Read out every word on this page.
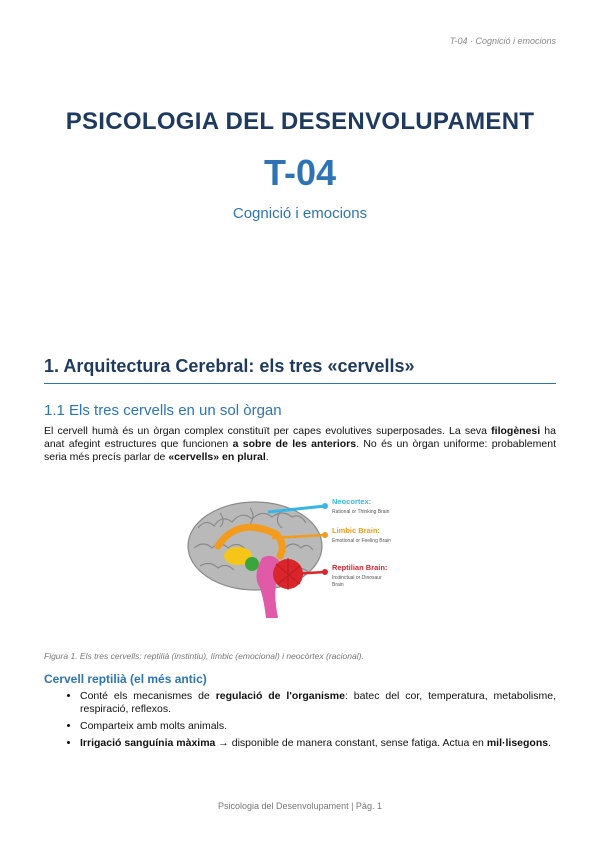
T-04 · Cognició i emocions
PSICOLOGIA DEL DESENVOLUPAMENT
T-04
Cognició i emocions
1. Arquitectura Cerebral: els tres «cervells»
1.1 Els tres cervells en un sol òrgan

El cervell humà és un òrgan complex constituït per capes evolutives superposades. La seva filogènesi ha anat afegint estructures que funcionen a sobre de les anteriors. No és un òrgan uniforme: probablement seria més precís parlar de «cervells» en plural.

Neocortex:
Rational or Thinking Brain
Limbic Brain:
Emotional or Feeling Brain
Reptilian Brain:
Instinctual or Dinosaur
Brain
Figura 1. Els tres cervells: reptilià (instintiu), límbic (emocional) i neocòrtex (racional).
Cervell reptilià (el més antic)
• Conté els mecanismes de regulació de l'organisme: batec del cor, temperatura, metabolisme, respiració, reflexos.
• Comparteix amb molts animals.
• Irrigació sanguínia màxima → disponible de manera constant, sense fatiga. Actua en mil·lisegons.
Psicologia del Desenvolupament | Pàg. 1
